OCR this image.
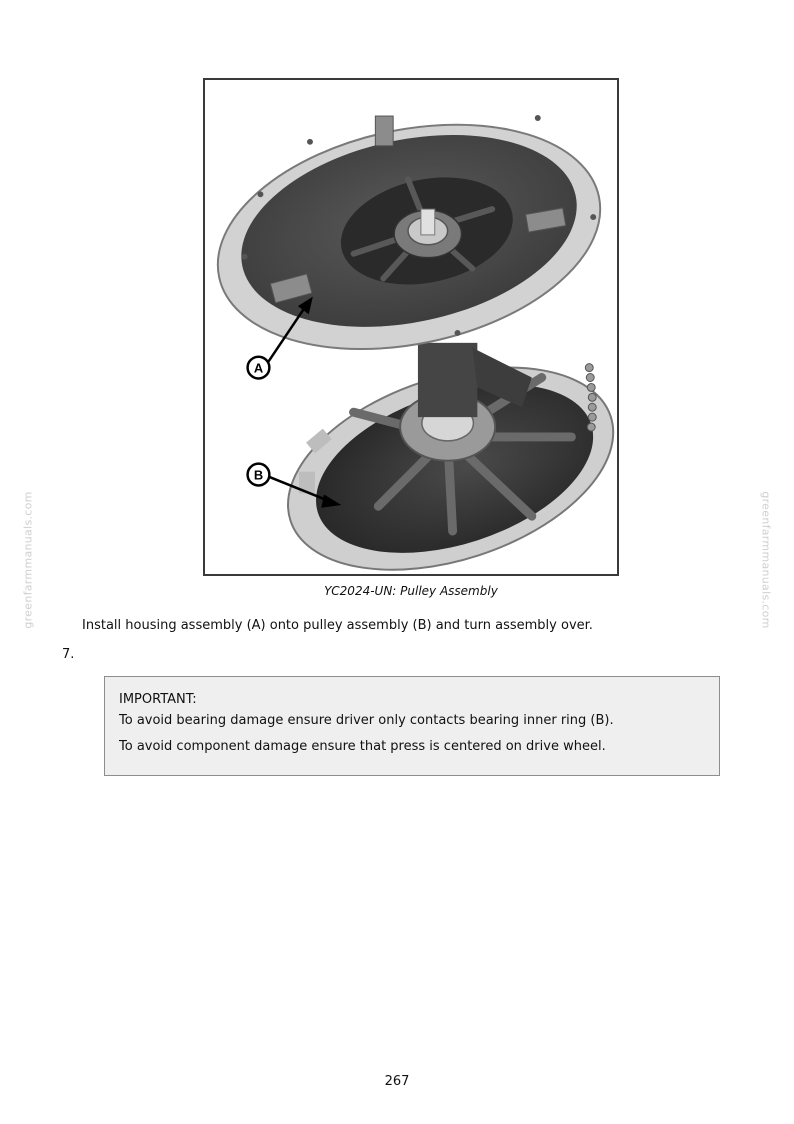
greenfarmmanuals.com	greenfarmmanuals.com
A
B
YC2024-UN: Pulley Assembly
Install housing assembly (A) onto pulley assembly (B) and turn assembly over.
7.

IMPORTANT:

To avoid bearing damage ensure driver only contacts bearing inner ring (B).

To avoid component damage ensure that press is centered on drive wheel.

267
